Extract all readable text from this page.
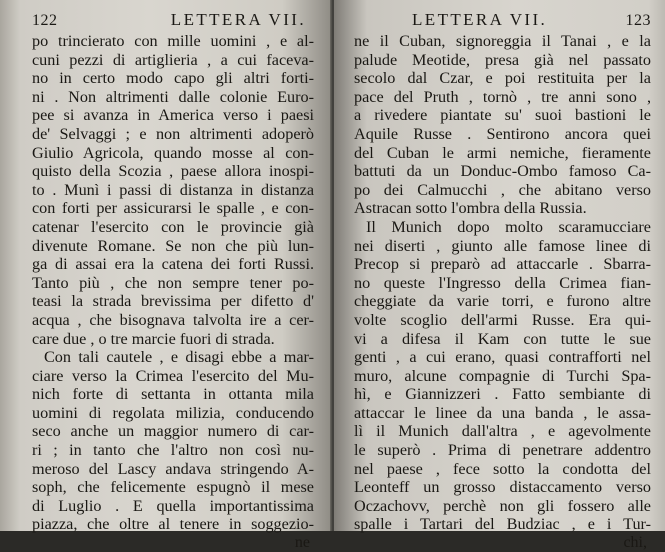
122	LETTERA VII.
po trincierato con mille uomini , e al-
cuni pezzi di artiglieria , a cui faceva-
no in certo modo capo gli altri forti-
ni . Non altrimenti dalle colonie Euro-
pee si avanza in America verso i paesi
de' Selvaggi ; e non altrimenti adoperò
Giulio Agricola, quando mosse al con-
quisto della Scozia , paese allora inospi-
to . Munì i passi di distanza in distanza
con forti per assicurarsi le spalle , e con-
catenar l'esercito con le provincie già
divenute Romane. Se non che più lun-
ga di assai era la catena dei forti Russi.
Tanto più , che non sempre tener po-
teasi la strada brevissima per difetto d'
acqua , che bisognava talvolta ire a cer-
care due , o tre marcie fuori di strada.
Con tali cautele , e disagi ebbe a mar-
ciare verso la Crimea l'esercito del Mu-
nich forte di settanta in ottanta mila
uomini di regolata milizia, conducendo
seco anche un maggior numero di car-
ri ; in tanto che l'altro non così nu-
meroso del Lascy andava stringendo A-
soph, che felicemente espugnò il mese
di Luglio . E quella importantissima
piazza, che oltre al tenere in soggezio-
ne
LETTERA VII.	123
ne il Cuban, signoreggia il Tanai , e la
palude Meotide, presa già nel passato
secolo dal Czar, e poi restituita per la
pace del Pruth , tornò , tre anni sono ,
a rivedere piantate su' suoi bastioni le
Aquile Russe . Sentirono ancora quei
del Cuban le armi nemiche, fieramente
battuti da un Donduc-Ombo famoso Ca-
po dei Calmucchi , che abitano verso
Astracan sotto l'ombra della Russia.
Il Munich dopo molto scaramucciare
nei diserti , giunto alle famose linee di
Precop si preparò ad attaccarle . Sbarra-
no queste l'Ingresso della Crimea fian-
cheggiate da varie torri, e furono altre
volte scoglio dell'armi Russe. Era qui-
vi a difesa il Kam con tutte le sue
genti , a cui erano, quasi contrafforti nel
muro, alcune compagnie di Turchi Spa-
hì, e Giannizzeri . Fatto sembiante di
attaccar le linee da una banda , le assa-
lì il Munich dall'altra , e agevolmente
le superò . Prima di penetrare addentro
nel paese , fece sotto la condotta del
Leonteff un grosso distaccamento verso
Oczachovv, perchè non gli fossero alle
spalle i Tartari del Budziac , e i Tur-
chi,
